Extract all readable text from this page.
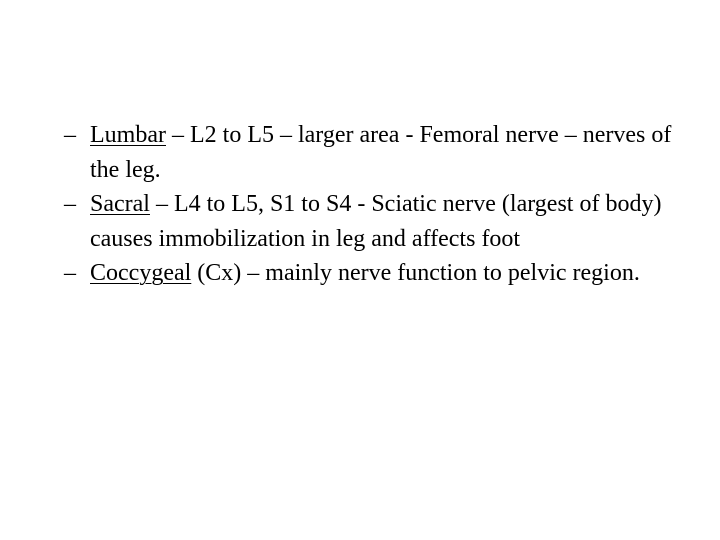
– Lumbar – L2 to L5 – larger area - Femoral nerve – nerves of the leg.
– Sacral – L4 to L5, S1 to S4 - Sciatic nerve (largest of body) causes immobilization in leg and affects foot
– Coccygeal (Cx) – mainly nerve function to pelvic region.
